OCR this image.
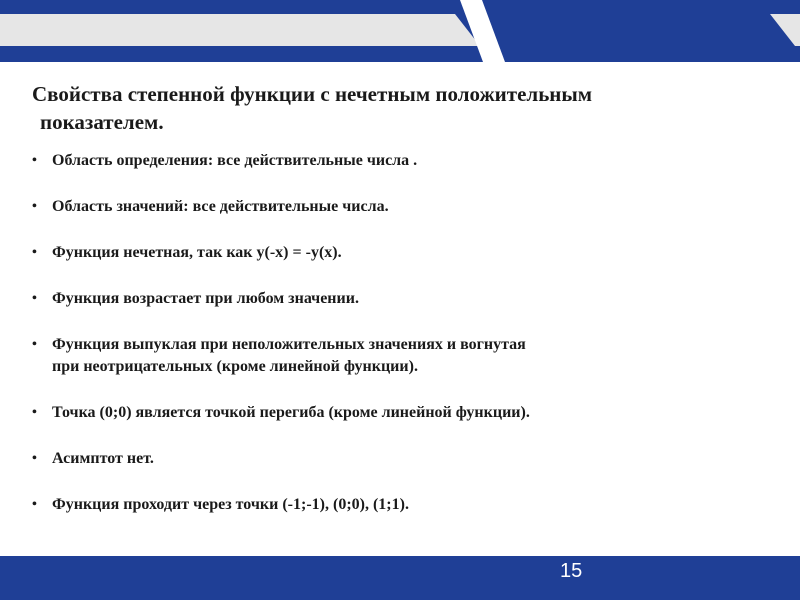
Свойства степенной функции с нечетным положительным
показателем.
• Область определения: все действительные числа .
• Область значений: все действительные числа.
• Функция нечетная, так как y(-x) = -y(x).
• Функция возрастает при любом значении.
• Функция выпуклая при неположительных значениях и вогнутая
при неотрицательных (кроме линейной функции).
• Точка (0;0) является точкой перегиба (кроме линейной функции).
• Асимптот нет.
• Функция проходит через точки (-1;-1), (0;0), (1;1).
15
